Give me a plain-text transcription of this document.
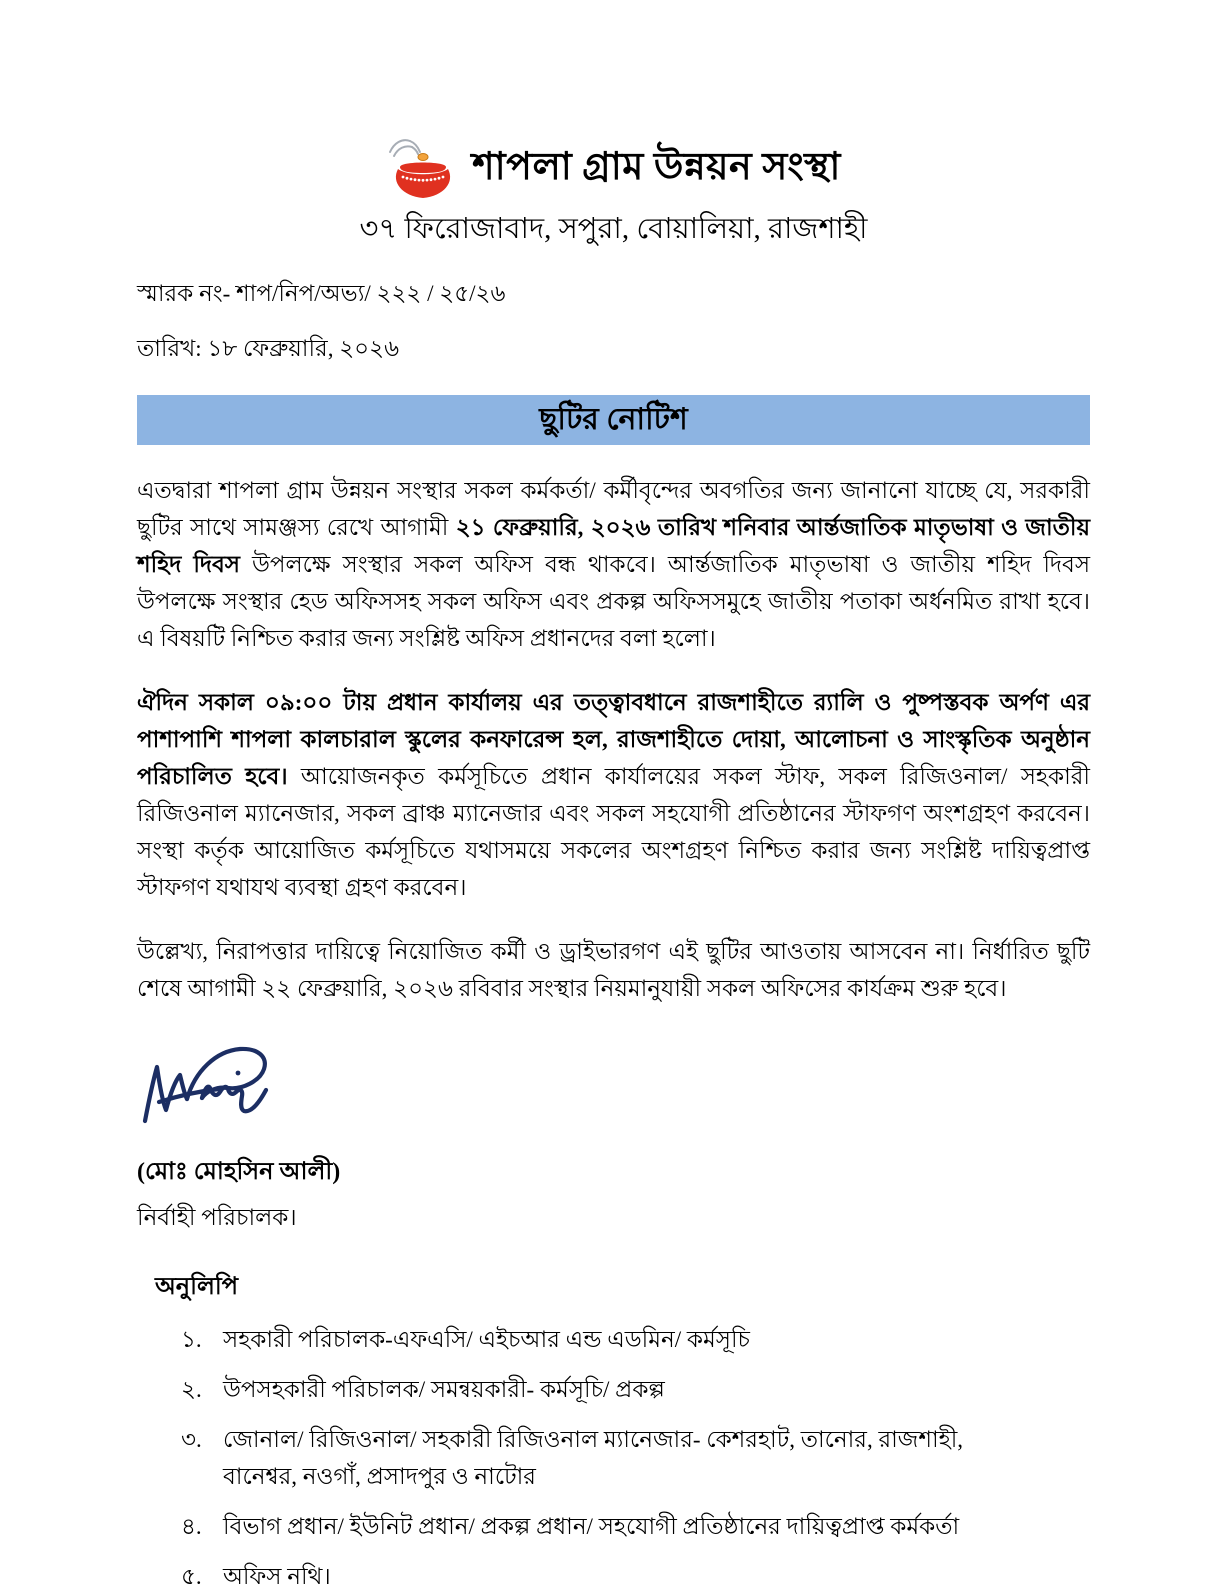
শাপলা গ্রাম উন্নয়ন সংস্থা
৩৭ ফিরোজাবাদ, সপুরা, বোয়ালিয়া, রাজশাহী
স্মারক নং- শাপ/নিপ/অভ্য/ ২২২ / ২৫/২৬
তারিখ: ১৮ ফেব্রুয়ারি, ২০২৬
ছুটির নোটিশ

এতদ্বারা শাপলা গ্রাম উন্নয়ন সংস্থার সকল কর্মকর্তা/ কর্মীবৃন্দের অবগতির জন্য জানানো যাচ্ছে যে, সরকারী ছুটির সাথে সামঞ্জস্য রেখে আগামী ২১ ফেব্রুয়ারি, ২০২৬ তারিখ শনিবার আর্ন্তজাতিক মাতৃভাষা ও জাতীয় শহিদ দিবস উপলক্ষে সংস্থার সকল অফিস বন্ধ থাকবে। আর্ন্তজাতিক মাতৃভাষা ও জাতীয় শহিদ দিবস উপলক্ষে সংস্থার হেড অফিসসহ সকল অফিস এবং প্রকল্প অফিসসমুহে জাতীয় পতাকা অর্ধনমিত রাখা হবে। এ বিষয়টি নিশ্চিত করার জন্য সংশ্লিষ্ট অফিস প্রধানদের বলা হলো।

ঐদিন সকাল ০৯:০০ টায় প্রধান কার্যালয় এর তত্ত্বাবধানে রাজশাহীতে র‍্যালি ও পুষ্পস্তবক অর্পণ এর পাশাপাশি শাপলা কালচারাল স্কুলের কনফারেন্স হল, রাজশাহীতে দোয়া, আলোচনা ও সাংস্কৃতিক অনুষ্ঠান পরিচালিত হবে। আয়োজনকৃত কর্মসূচিতে প্রধান কার্যালয়ের সকল স্টাফ, সকল রিজিওনাল/ সহকারী রিজিওনাল ম্যানেজার, সকল ব্রাঞ্চ ম্যানেজার এবং সকল সহযোগী প্রতিষ্ঠানের স্টাফগণ অংশগ্রহণ করবেন। সংস্থা কর্তৃক আয়োজিত কর্মসূচিতে যথাসময়ে সকলের অংশগ্রহণ নিশ্চিত করার জন্য সংশ্লিষ্ট দায়িত্বপ্রাপ্ত স্টাফগণ যথাযথ ব্যবস্থা গ্রহণ করবেন।

উল্লেখ্য, নিরাপত্তার দায়িত্বে নিয়োজিত কর্মী ও ড্রাইভারগণ এই ছুটির আওতায় আসবেন না। নির্ধারিত ছুটি শেষে আগামী ২২ ফেব্রুয়ারি, ২০২৬ রবিবার সংস্থার নিয়মানুযায়ী সকল অফিসের কার্যক্রম শুরু হবে।

(মোঃ মোহসিন আলী)
নির্বাহী পরিচালক।
অনুলিপি
১. সহকারী পরিচালক-এফএসি/ এইচআর এন্ড এডমিন/ কর্মসূচি
২. উপসহকারী পরিচালক/ সমন্বয়কারী- কর্মসূচি/ প্রকল্প
৩. জোনাল/ রিজিওনাল/ সহকারী রিজিওনাল ম্যানেজার- কেশরহাট, তানোর, রাজশাহী, বানেশ্বর, নওগাঁ, প্রসাদপুর ও নাটোর
৪. বিভাগ প্রধান/ ইউনিট প্রধান/ প্রকল্প প্রধান/ সহযোগী প্রতিষ্ঠানের দায়িত্বপ্রাপ্ত কর্মকর্তা
৫. অফিস নথি।
